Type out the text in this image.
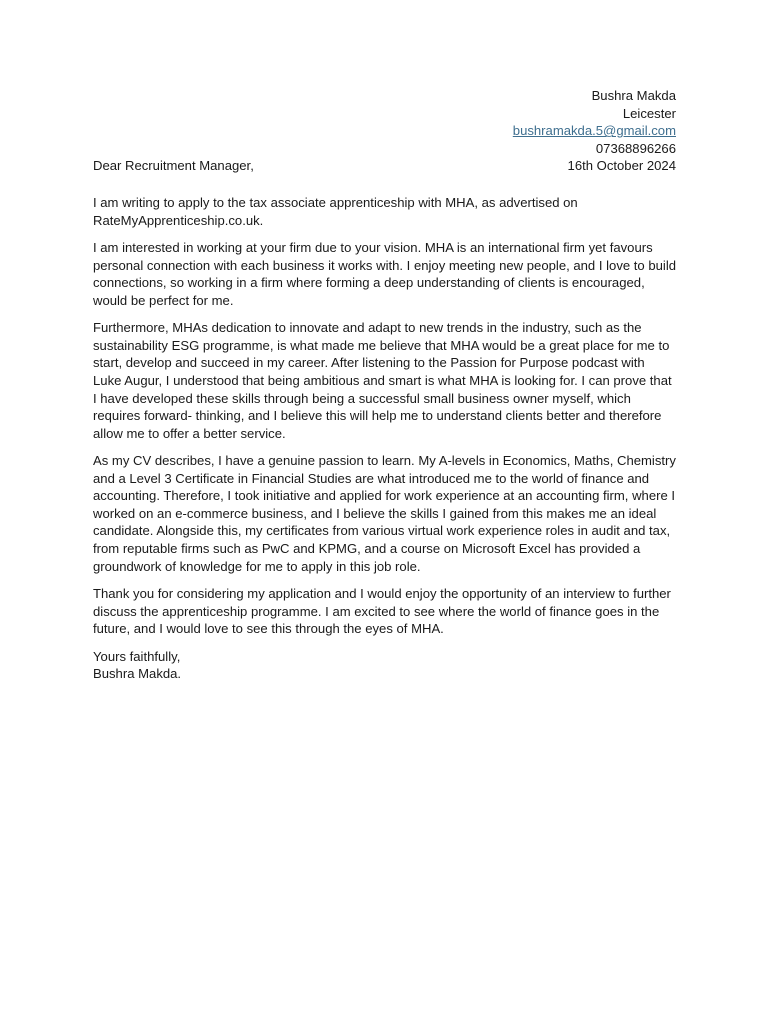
Bushra Makda
Leicester
bushramakda.5@gmail.com
07368896266
Dear Recruitment Manager,	16th October 2024

I am writing to apply to the tax associate apprenticeship with MHA, as advertised on RateMyApprenticeship.co.uk.

I am interested in working at your firm due to your vision. MHA is an international firm yet favours personal connection with each business it works with. I enjoy meeting new people, and I love to build connections, so working in a firm where forming a deep understanding of clients is encouraged, would be perfect for me.

Furthermore, MHAs dedication to innovate and adapt to new trends in the industry, such as the sustainability ESG programme, is what made me believe that MHA would be a great place for me to start, develop and succeed in my career. After listening to the Passion for Purpose podcast with Luke Augur, I understood that being ambitious and smart is what MHA is looking for. I can prove that I have developed these skills through being a successful small business owner myself, which requires forward- thinking, and I believe this will help me to understand clients better and therefore allow me to offer a better service.

As my CV describes, I have a genuine passion to learn. My A-levels in Economics, Maths, Chemistry and a Level 3 Certificate in Financial Studies are what introduced me to the world of finance and accounting. Therefore, I took initiative and applied for work experience at an accounting firm, where I worked on an e-commerce business, and I believe the skills I gained from this makes me an ideal candidate. Alongside this, my certificates from various virtual work experience roles in audit and tax, from reputable firms such as PwC and KPMG, and a course on Microsoft Excel has provided a groundwork of knowledge for me to apply in this job role.

Thank you for considering my application and I would enjoy the opportunity of an interview to further discuss the apprenticeship programme. I am excited to see where the world of finance goes in the future, and I would love to see this through the eyes of MHA.

Yours faithfully,
Bushra Makda.
